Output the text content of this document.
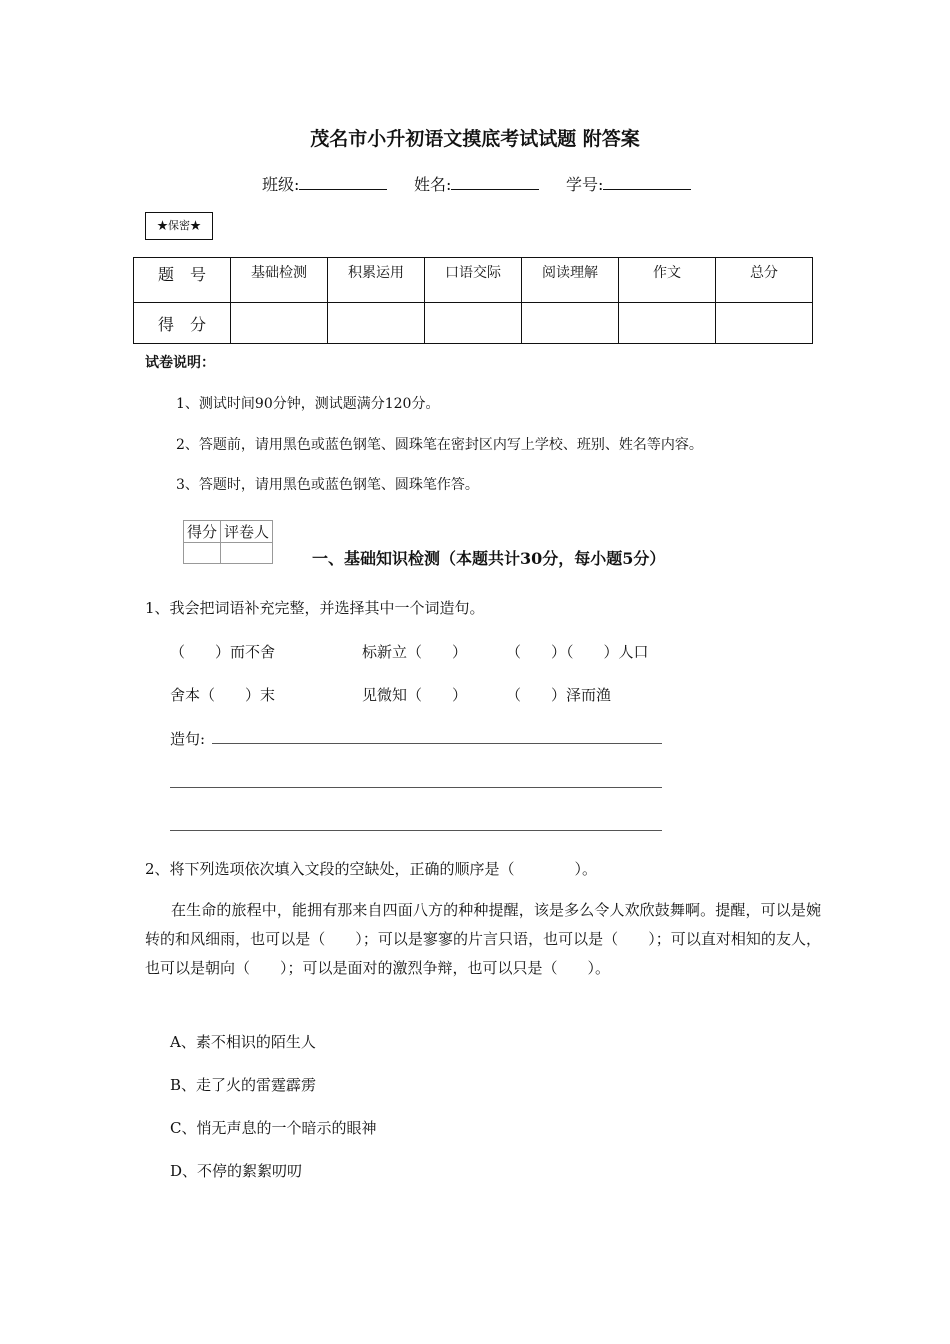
茂名市小升初语文摸底考试试题 附答案
班级:	姓名:	学号:
★保密★
题　号	基础检测	积累运用	口语交际	阅读理解	作文	总分
得　分						
试卷说明：
1、测试时间90分钟，测试题满分120分。
2、答题前，请用黑色或蓝色钢笔、圆珠笔在密封区内写上学校、班别、姓名等内容。
3、答题时，请用黑色或蓝色钢笔、圆珠笔作答。
得分	评卷人

一、基础知识检测（本题共计30分，每小题5分）
1、我会把词语补充完整，并选择其中一个词造句。
（　　）而不舍	标新立（　　）	（　　）（　　）人口
舍本（　　）末	见微知（　　）	（　　）泽而渔
造句:
2、将下列选项依次填入文段的空缺处，正确的顺序是（　　　　）。
在生命的旅程中，能拥有那来自四面八方的种种提醒，该是多么令人欢欣鼓舞啊。提醒，可以是婉转的和风细雨，也可以是（　　）；可以是寥寥的片言只语，也可以是（　　）；可以直对相知的友人，也可以是朝向（　　）；可以是面对的激烈争辩，也可以只是（　　）。
A、素不相识的陌生人
B、走了火的雷霆霹雳
C、悄无声息的一个暗示的眼神
D、不停的絮絮叨叨
